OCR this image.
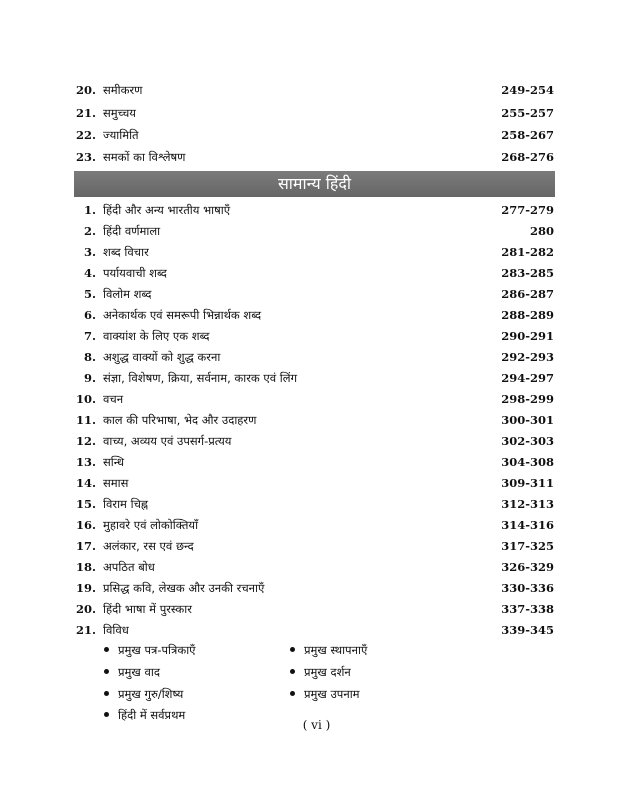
20. समीकरण	249-254
21. समुच्चय	255-257
22. ज्यामिति	258-267
23. समकों का विश्लेषण	268-276
सामान्य हिंदी
1. हिंदी और अन्य भारतीय भाषाएँ	277-279
2. हिंदी वर्णमाला	280
3. शब्द विचार	281-282
4. पर्यायवाची शब्द	283-285
5. विलोम शब्द	286-287
6. अनेकार्थक एवं समरूपी भिन्नार्थक शब्द	288-289
7. वाक्यांश के लिए एक शब्द	290-291
8. अशुद्ध वाक्यों को शुद्ध करना	292-293
9. संज्ञा, विशेषण, क्रिया, सर्वनाम, कारक एवं लिंग	294-297
10. वचन	298-299
11. काल की परिभाषा, भेद और उदाहरण	300-301
12. वाच्य, अव्यय एवं उपसर्ग-प्रत्यय	302-303
13. सन्धि	304-308
14. समास	309-311
15. विराम चिह्न	312-313
16. मुहावरे एवं लोकोक्तियाँ	314-316
17. अलंकार, रस एवं छन्द	317-325
18. अपठित बोध	326-329
19. प्रसिद्ध कवि, लेखक और उनकी रचनाएँ	330-336
20. हिंदी भाषा में पुरस्कार	337-338
21. विविध	339-345
प्रमुख पत्र-पत्रिकाएँ	प्रमुख स्थापनाएँ
प्रमुख वाद	प्रमुख दर्शन
प्रमुख गुरु/शिष्य	प्रमुख उपनाम
हिंदी में सर्वप्रथम
( vi )
